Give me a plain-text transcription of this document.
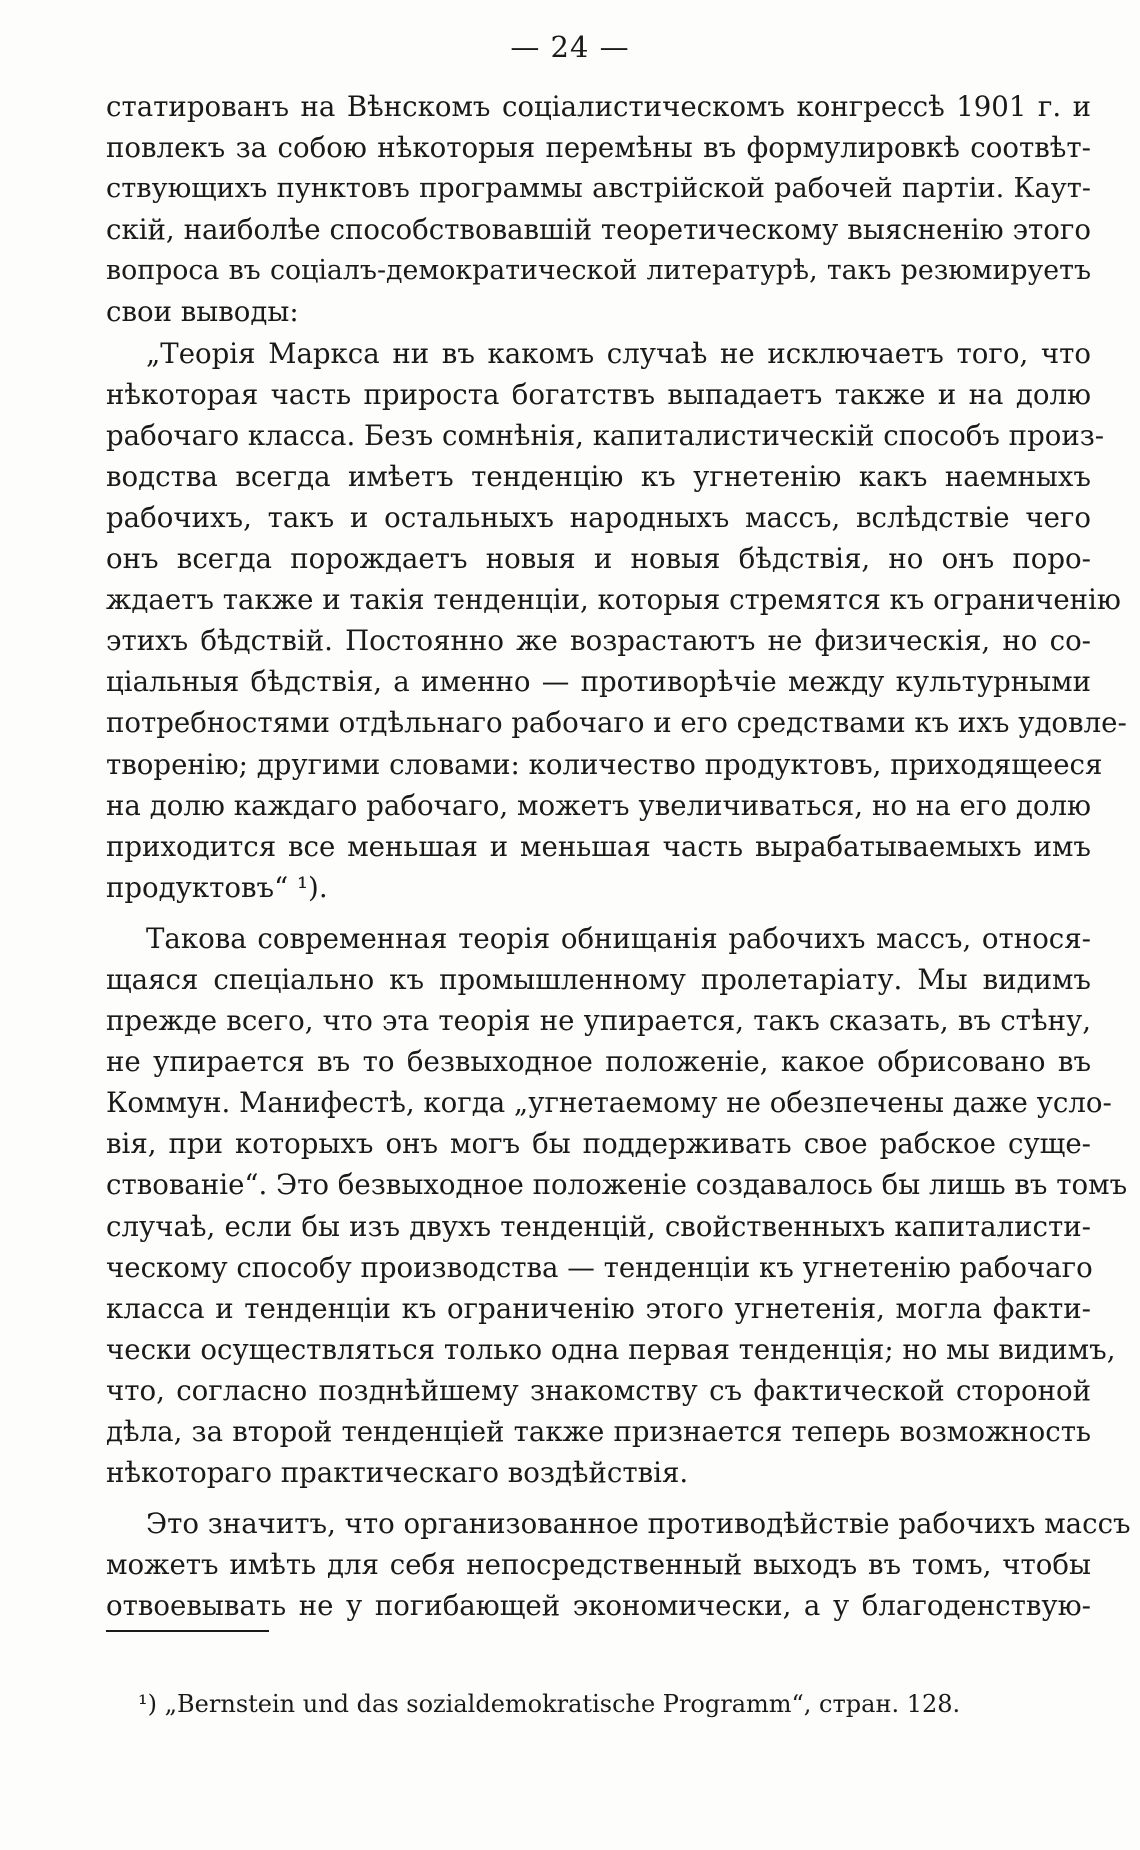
— 24 —
статированъ на Вѣнскомъ соціалистическомъ конгрессѣ 1901 г. и
повлекъ за собою нѣкоторыя перемѣны въ формулировкѣ соотвѣт-
ствующихъ пунктовъ программы австрійской рабочей партіи. Каут-
скій, наиболѣе способствовавшій теоретическому выясненію этого
вопроса въ соціалъ-демократической литературѣ, такъ резюмируетъ
свои выводы:
„Теорія Маркса ни въ какомъ случаѣ не исключаетъ того, что
нѣкоторая часть прироста богатствъ выпадаетъ также и на долю
рабочаго класса. Безъ сомнѣнія, капиталистическій способъ произ-
водства всегда имѣетъ тенденцію къ угнетенію какъ наемныхъ
рабочихъ, такъ и остальныхъ народныхъ массъ, вслѣдствіе чего
онъ всегда порождаетъ новыя и новыя бѣдствія, но онъ поро-
ждаетъ также и такія тенденціи, которыя стремятся къ ограниченію
этихъ бѣдствій. Постоянно же возрастаютъ не физическія, но со-
ціальныя бѣдствія, а именно — противорѣчіе между культурными
потребностями отдѣльнаго рабочаго и его средствами къ ихъ удовле-
творенію; другими словами: количество продуктовъ, приходящееся
на долю каждаго рабочаго, можетъ увеличиваться, но на его долю
приходится все меньшая и меньшая часть вырабатываемыхъ имъ
продуктовъ“ ¹).
Такова современная теорія обнищанія рабочихъ массъ, относя-
щаяся спеціально къ промышленному пролетаріату. Мы видимъ
прежде всего, что эта теорія не упирается, такъ сказать, въ стѣну,
не упирается въ то безвыходное положеніе, какое обрисовано въ
Коммун. Манифестѣ, когда „угнетаемому не обезпечены даже усло-
вія, при которыхъ онъ могъ бы поддерживать свое рабское суще-
ствованіе“. Это безвыходное положеніе создавалось бы лишь въ томъ
случаѣ, если бы изъ двухъ тенденцій, свойственныхъ капиталисти-
ческому способу производства — тенденціи къ угнетенію рабочаго
класса и тенденціи къ ограниченію этого угнетенія, могла факти-
чески осуществляться только одна первая тенденція; но мы видимъ,
что, согласно позднѣйшему знакомству съ фактической стороной
дѣла, за второй тенденціей также признается теперь возможность
нѣкотораго практическаго воздѣйствія.
Это значитъ, что организованное противодѣйствіе рабочихъ массъ
можетъ имѣть для себя непосредственный выходъ въ томъ, чтобы
отвоевывать не у погибающей экономически, а у благоденствую-
¹) „Bernstein und das sozialdemokratische Programm“, стран. 128.
